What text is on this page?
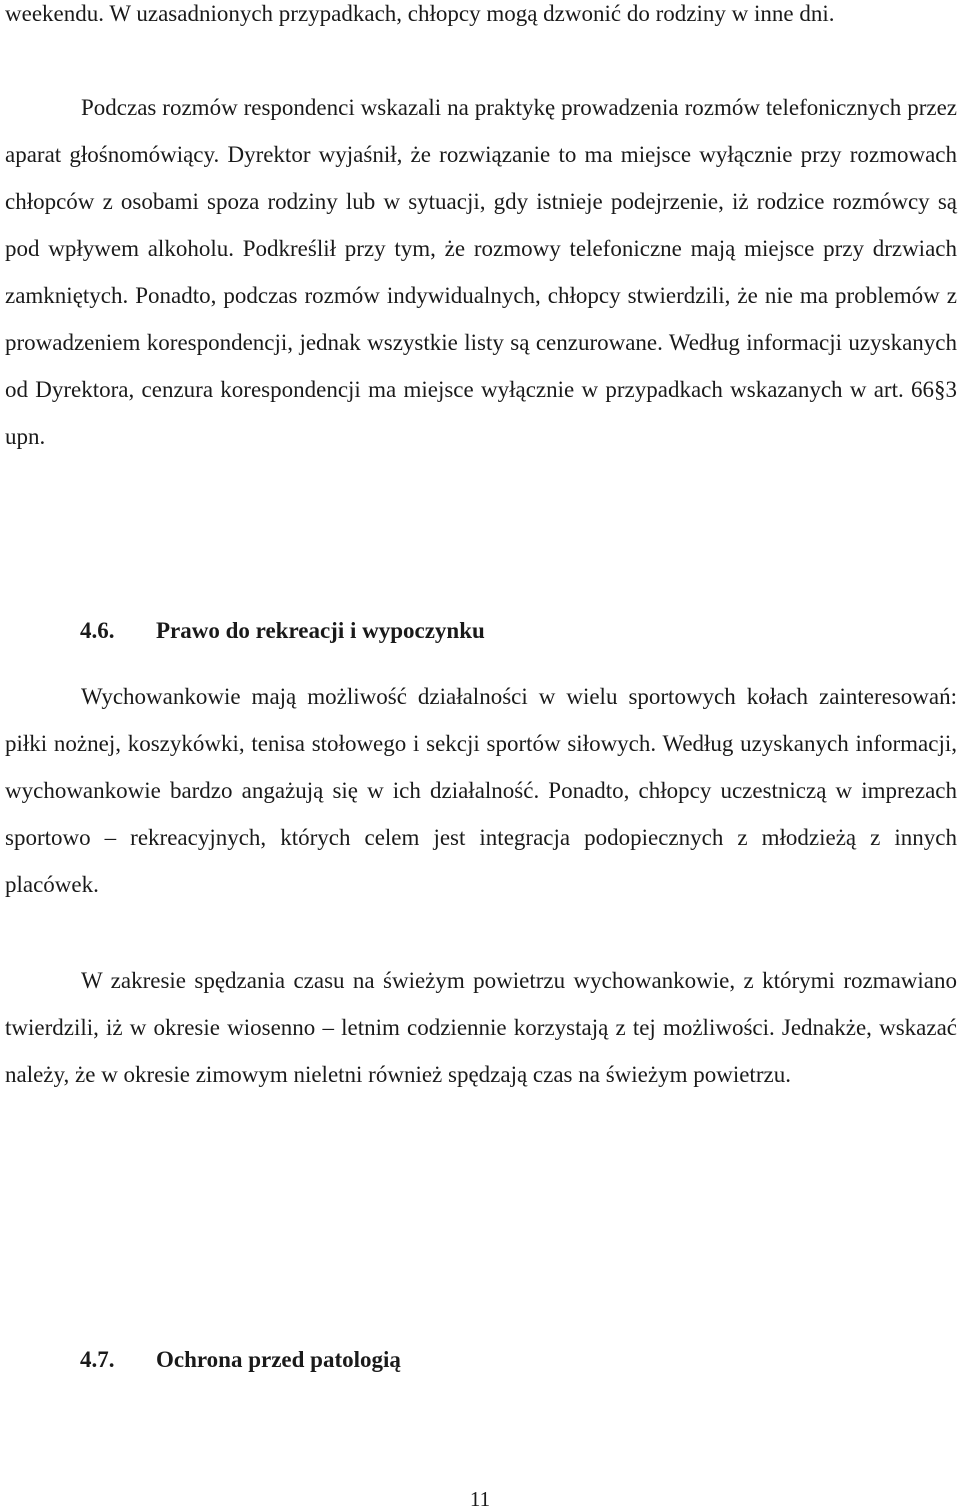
weekendu. W uzasadnionych przypadkach, chłopcy mogą dzwonić do rodziny w inne dni.

Podczas rozmów respondenci wskazali na praktykę prowadzenia rozmów telefonicznych przez aparat głośnomówiący. Dyrektor wyjaśnił, że rozwiązanie to ma miejsce wyłącznie przy rozmowach chłopców z osobami spoza rodziny lub w sytuacji, gdy istnieje podejrzenie, iż rodzice rozmówcy są pod wpływem alkoholu. Podkreślił przy tym, że rozmowy telefoniczne mają miejsce przy drzwiach zamkniętych. Ponadto, podczas rozmów indywidualnych, chłopcy stwierdzili, że nie ma problemów z prowadzeniem korespondencji, jednak wszystkie listy są cenzurowane. Według informacji uzyskanych od Dyrektora, cenzura korespondencji ma miejsce wyłącznie w przypadkach wskazanych w art. 66§3 upn.

4.6. Prawo do rekreacji i wypoczynku

Wychowankowie mają możliwość działalności w wielu sportowych kołach zainteresowań: piłki nożnej, koszykówki, tenisa stołowego i sekcji sportów siłowych. Według uzyskanych informacji, wychowankowie bardzo angażują się w ich działalność. Ponadto, chłopcy uczestniczą w imprezach sportowo – rekreacyjnych, których celem jest integracja podopiecznych z młodzieżą z innych placówek.

W zakresie spędzania czasu na świeżym powietrzu wychowankowie, z którymi rozmawiano twierdzili, iż w okresie wiosenno – letnim codziennie korzystają z tej możliwości. Jednakże, wskazać należy, że w okresie zimowym nieletni również spędzają czas na świeżym powietrzu.

4.7. Ochrona przed patologią
11
